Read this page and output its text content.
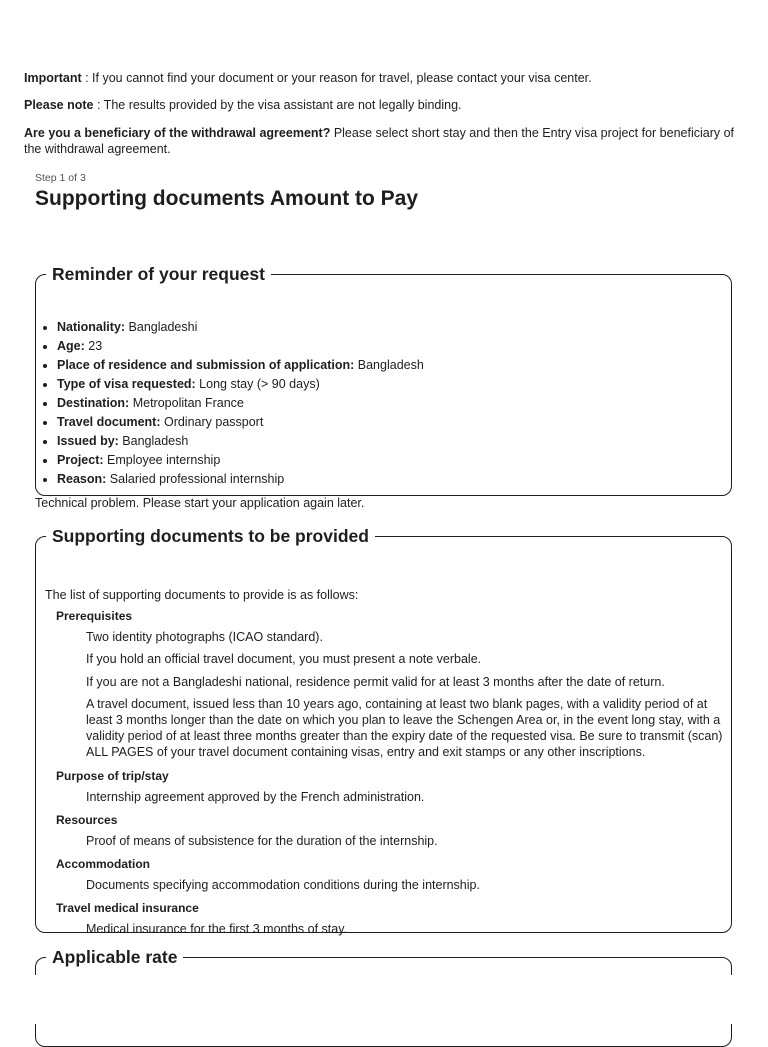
Important : If you cannot find your document or your reason for travel, please contact your visa center.
Please note : The results provided by the visa assistant are not legally binding.
Are you a beneficiary of the withdrawal agreement? Please select short stay and then the Entry visa project for beneficiary of the withdrawal agreement.
Step 1 of 3
Supporting documents Amount to Pay
Reminder of your request
• Nationality: Bangladeshi
• Age: 23
• Place of residence and submission of application: Bangladesh
• Type of visa requested: Long stay (> 90 days)
• Destination: Metropolitan France
• Travel document: Ordinary passport
• Issued by: Bangladesh
• Project: Employee internship
• Reason: Salaried professional internship
Technical problem. Please start your application again later.
Supporting documents to be provided

The list of supporting documents to provide is as follows:

Prerequisites

Two identity photographs (ICAO standard).

If you hold an official travel document, you must present a note verbale.

If you are not a Bangladeshi national, residence permit valid for at least 3 months after the date of return.

A travel document, issued less than 10 years ago, containing at least two blank pages, with a validity period of at least 3 months longer than the date on which you plan to leave the Schengen Area or, in the event long stay, with a validity period of at least three months greater than the expiry date of the requested visa. Be sure to transmit (scan) ALL PAGES of your travel document containing visas, entry and exit stamps or any other inscriptions.

Purpose of trip/stay

Internship agreement approved by the French administration.

Resources

Proof of means of subsistence for the duration of the internship.

Accommodation

Documents specifying accommodation conditions during the internship.

Travel medical insurance

Medical insurance for the first 3 months of stay.

Applicable rate
